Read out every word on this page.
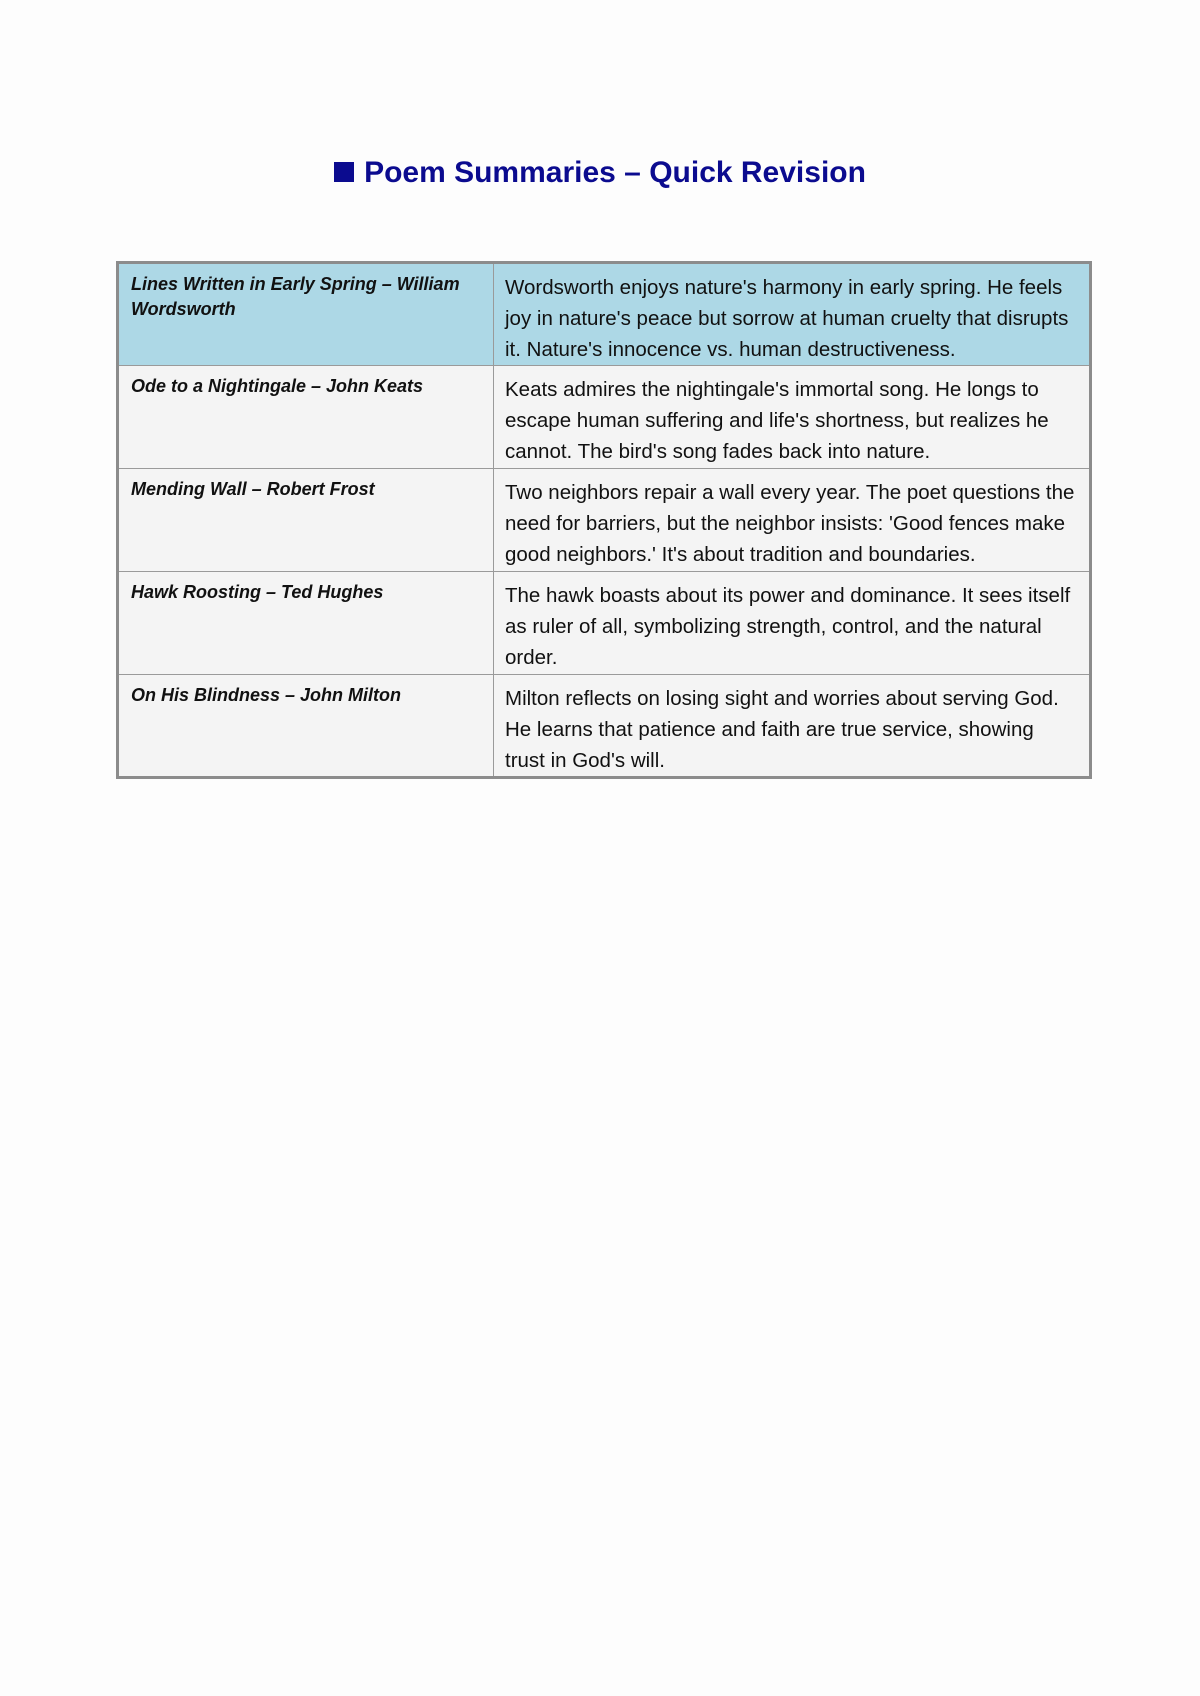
Poem Summaries – Quick Revision
Lines Written in Early Spring – William Wordsworth	Wordsworth enjoys nature's harmony in early spring. He feels joy in nature's peace but sorrow at human cruelty that disrupts it. Nature's innocence vs. human destructiveness.
Ode to a Nightingale – John Keats	Keats admires the nightingale's immortal song. He longs to escape human suffering and life's shortness, but realizes he cannot. The bird's song fades back into nature.
Mending Wall – Robert Frost	Two neighbors repair a wall every year. The poet questions the need for barriers, but the neighbor insists: 'Good fences make good neighbors.' It's about tradition and boundaries.
Hawk Roosting – Ted Hughes	The hawk boasts about its power and dominance. It sees itself as ruler of all, symbolizing strength, control, and the natural order.
On His Blindness – John Milton	Milton reflects on losing sight and worries about serving God. He learns that patience and faith are true service, showing trust in God's will.
